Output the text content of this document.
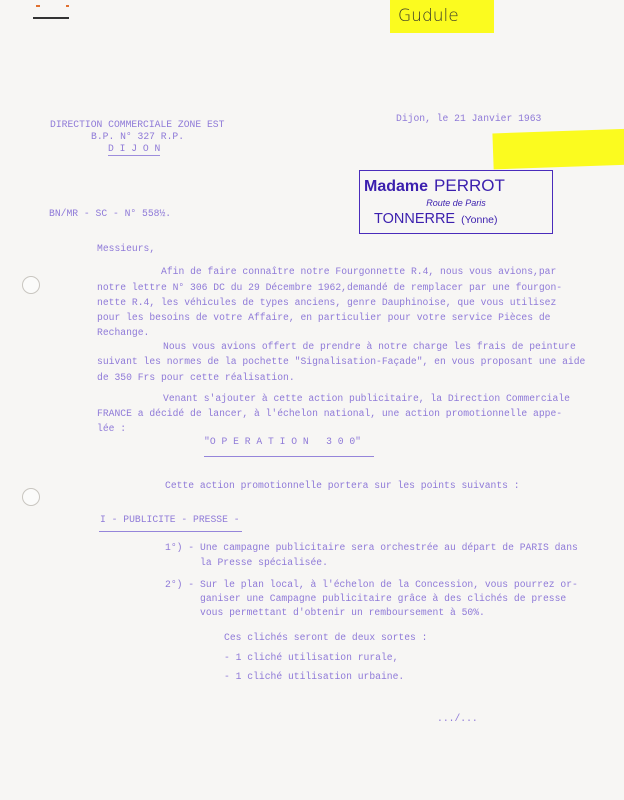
Gudule
DIRECTION COMMERCIALE ZONE EST
B.P. N° 327 R.P.
D I J O N
Dijon, le 21 Janvier 1963
BN/MR - SC - N° 558½.
Madame PERROT
Route de Paris
TONNERRE (Yonne)
Messieurs,
Afin de faire connaître notre Fourgonnette R.4, nous vous avions,par
notre lettre N° 306 DC du 29 Décembre 1962,demandé de remplacer par une fourgon-
nette R.4, les véhicules de types anciens, genre Dauphinoise, que vous utilisez
pour les besoins de votre Affaire, en particulier pour votre service Pièces de
Rechange.
Nous vous avions offert de prendre à notre charge les frais de peinture
suivant les normes de la pochette "Signalisation-Façade", en vous proposant une aide
de 350 Frs pour cette réalisation.
Venant s'ajouter à cette action publicitaire, la Direction Commerciale
FRANCE a décidé de lancer, à l'échelon national, une action promotionnelle appe-
lée :
"O P E R A T I O N   3 0 0"
Cette action promotionnelle portera sur les points suivants :
I - PUBLICITE - PRESSE -
1°) - Une campagne publicitaire sera orchestrée au départ de PARIS dans
la Presse spécialisée.
2°) - Sur le plan local, à l'échelon de la Concession, vous pourrez or-
ganiser une Campagne publicitaire grâce à des clichés de presse
vous permettant d'obtenir un remboursement à 50%.
Ces clichés seront de deux sortes :
- 1 cliché utilisation rurale,
- 1 cliché utilisation urbaine.
.../...
